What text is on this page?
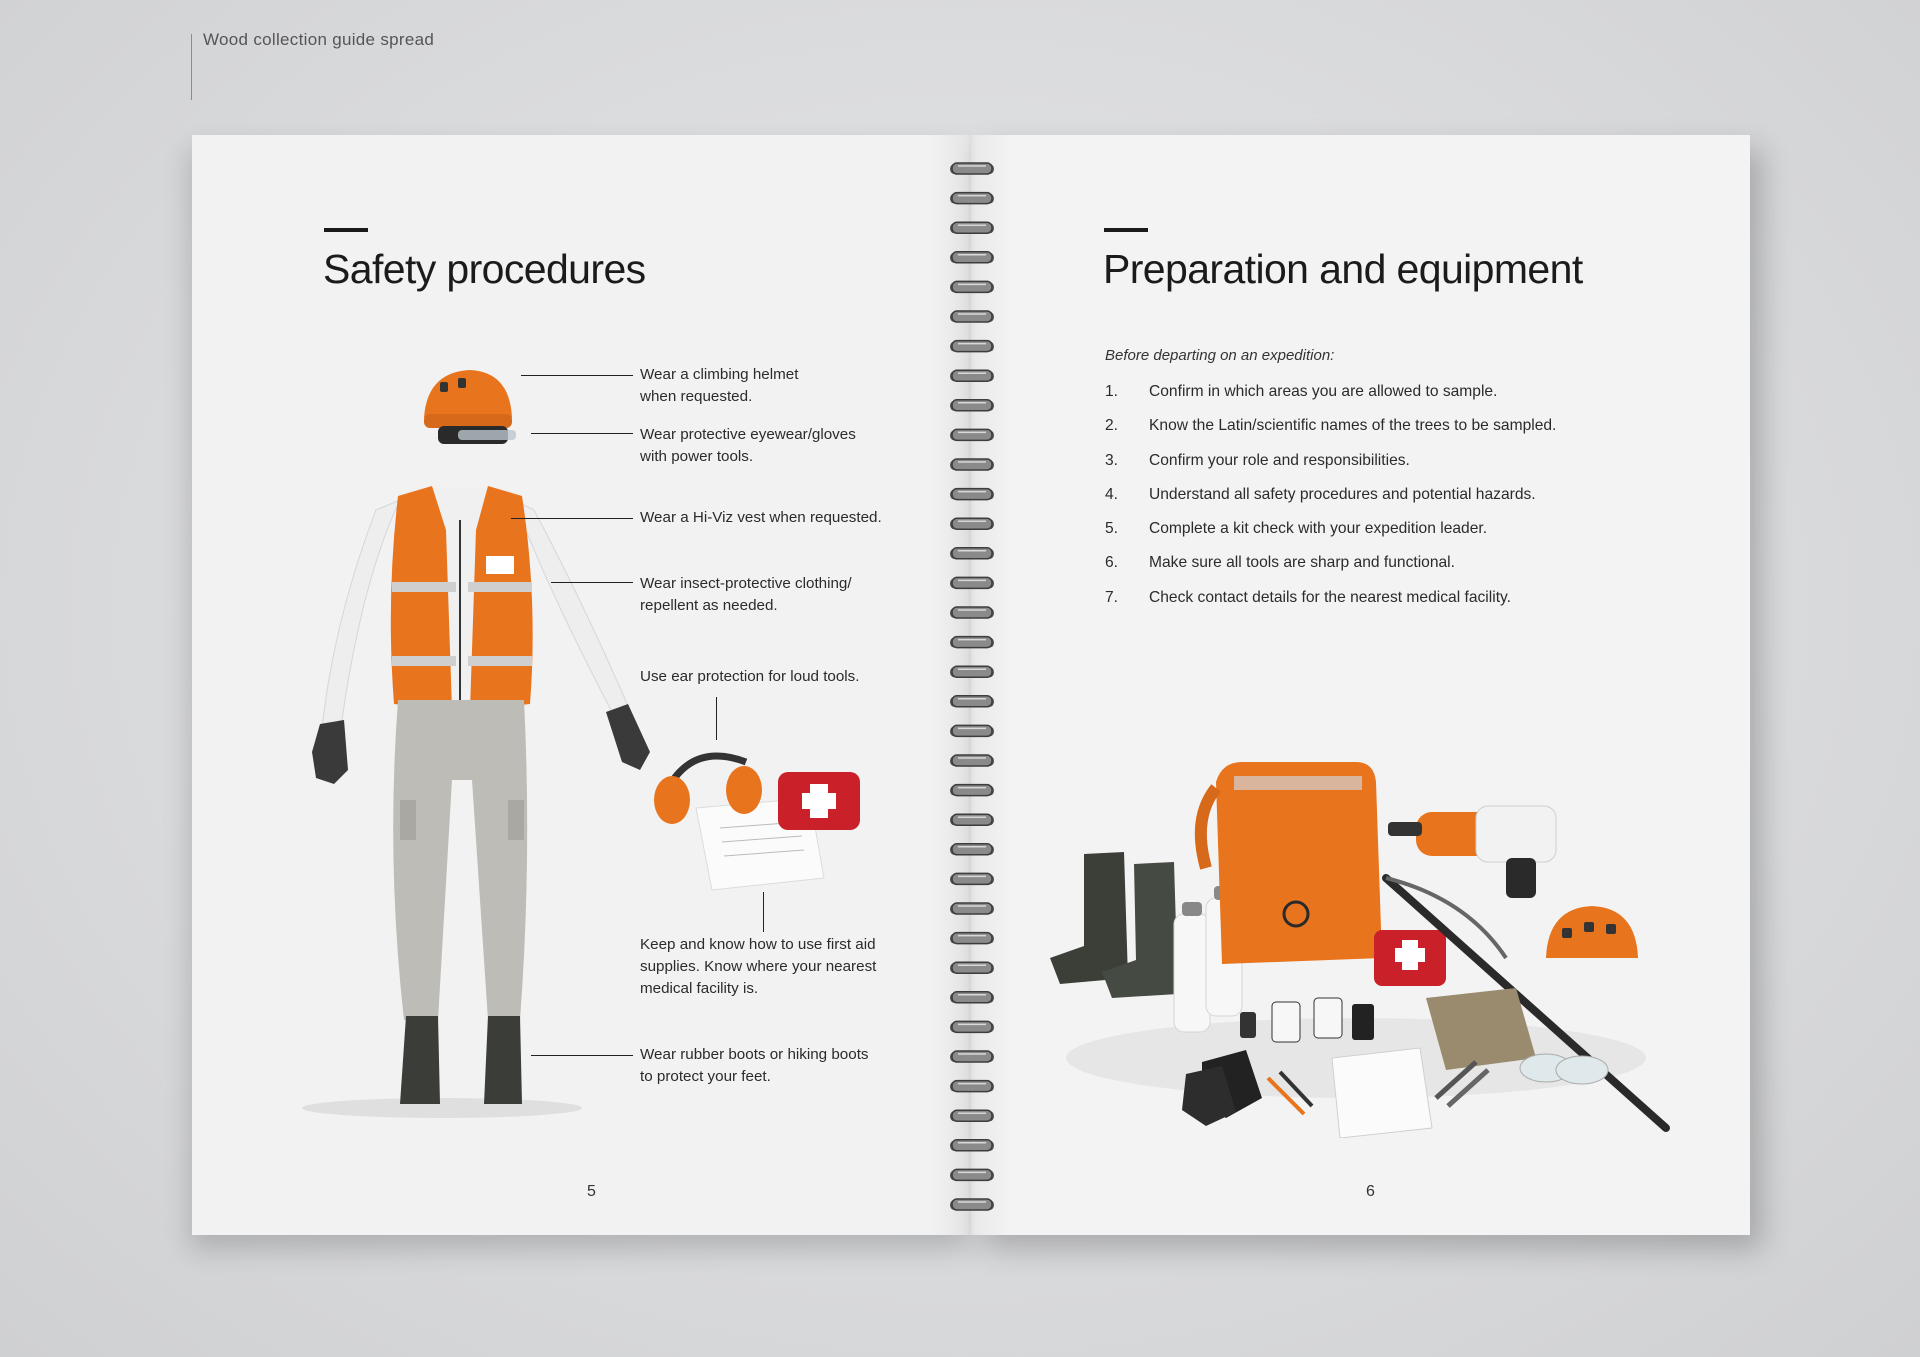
Wood collection guide spread
Safety procedures
Wear a climbing helmet
when requested.
Wear protective eyewear/gloves
with power tools.
Wear a Hi-Viz vest when requested.
Wear insect-protective clothing/
repellent as needed.
Use ear protection for loud tools.
Keep and know how to use first aid
supplies. Know where your nearest
medical facility is.
Wear rubber boots or hiking boots
to protect your feet.
5
Preparation and equipment
Before departing on an expedition:
1.	Confirm in which areas you are allowed to sample.
2.	Know the Latin/scientific names of the trees to be sampled.
3.	Confirm your role and responsibilities.
4.	Understand all safety procedures and potential hazards.
5.	Complete a kit check with your expedition leader.
6.	Make sure all tools are sharp and functional.
7.	Check contact details for the nearest medical facility.
6
